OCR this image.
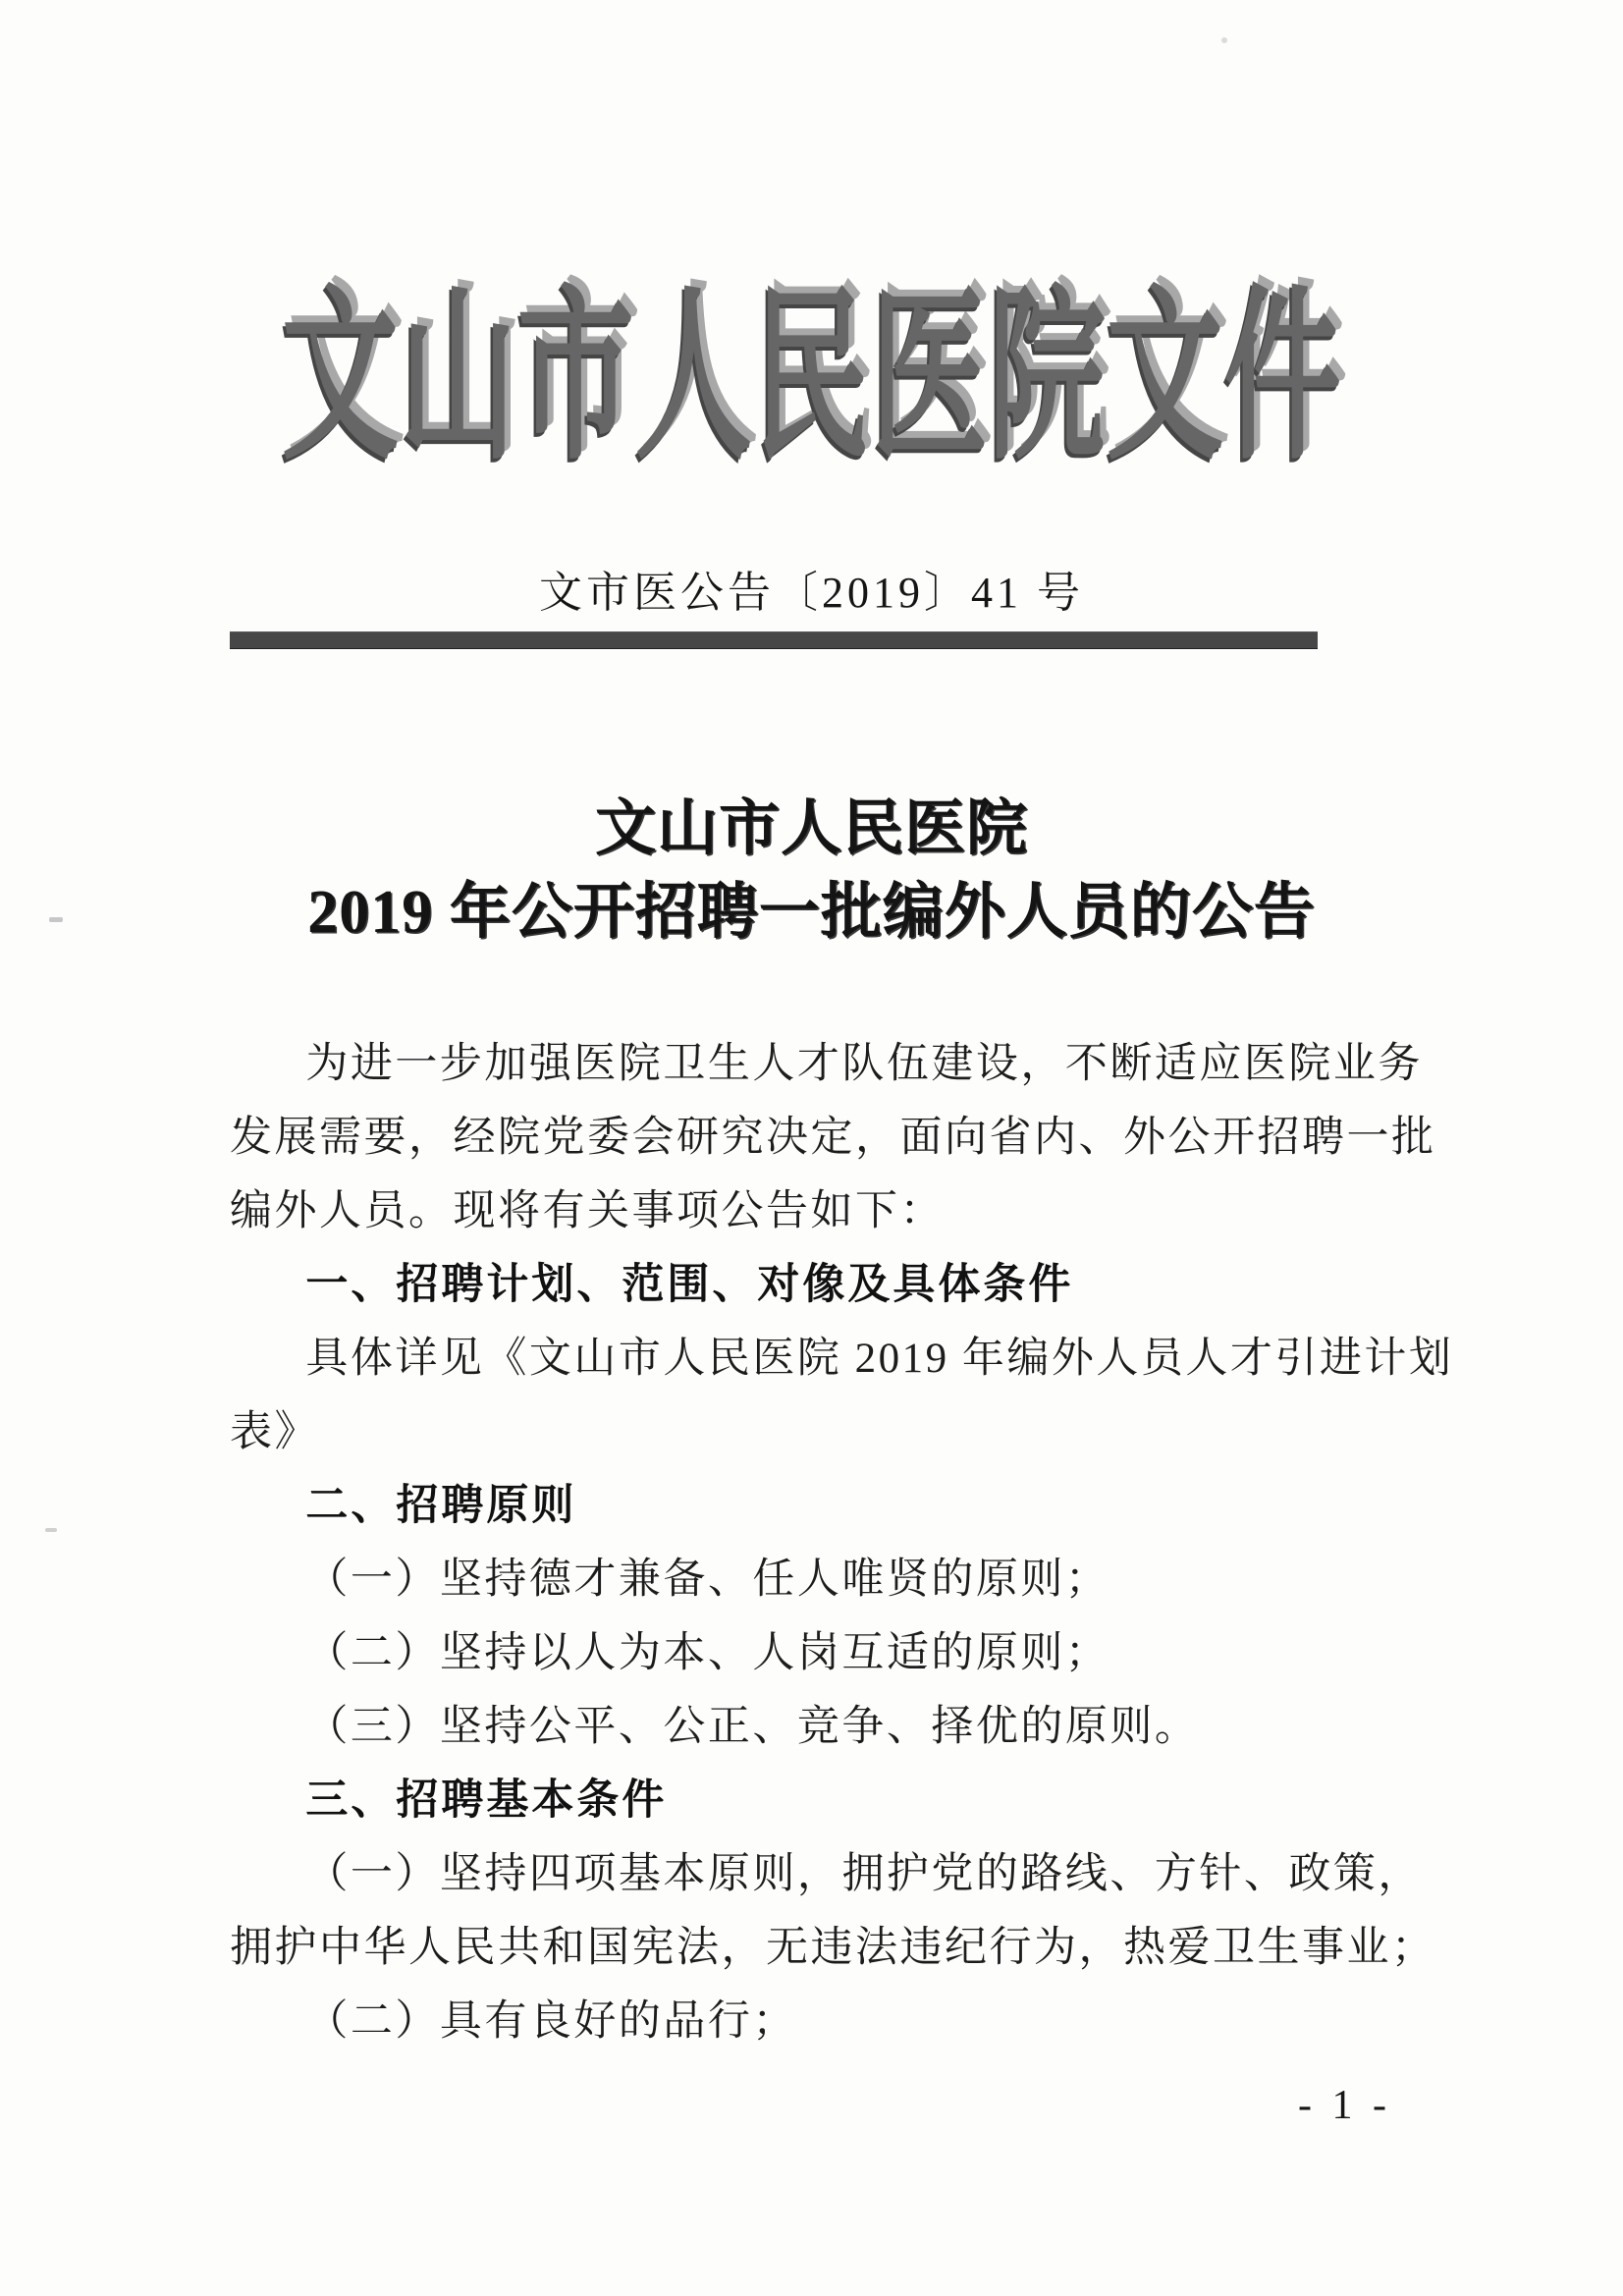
文山市人民医院文件
文市医公告〔2019〕41 号
文山市人民医院
2019 年公开招聘一批编外人员的公告
为进一步加强医院卫生人才队伍建设，不断适应医院业务
发展需要，经院党委会研究决定，面向省内、外公开招聘一批
编外人员。现将有关事项公告如下：
一、招聘计划、范围、对像及具体条件
具体详见《文山市人民医院 2019 年编外人员人才引进计划
表》
二、招聘原则
（一）坚持德才兼备、任人唯贤的原则；
（二）坚持以人为本、人岗互适的原则；
（三）坚持公平、公正、竞争、择优的原则。
三、招聘基本条件
（一）坚持四项基本原则，拥护党的路线、方针、政策，
拥护中华人民共和国宪法，无违法违纪行为，热爱卫生事业；
（二）具有良好的品行；
- 1 -
